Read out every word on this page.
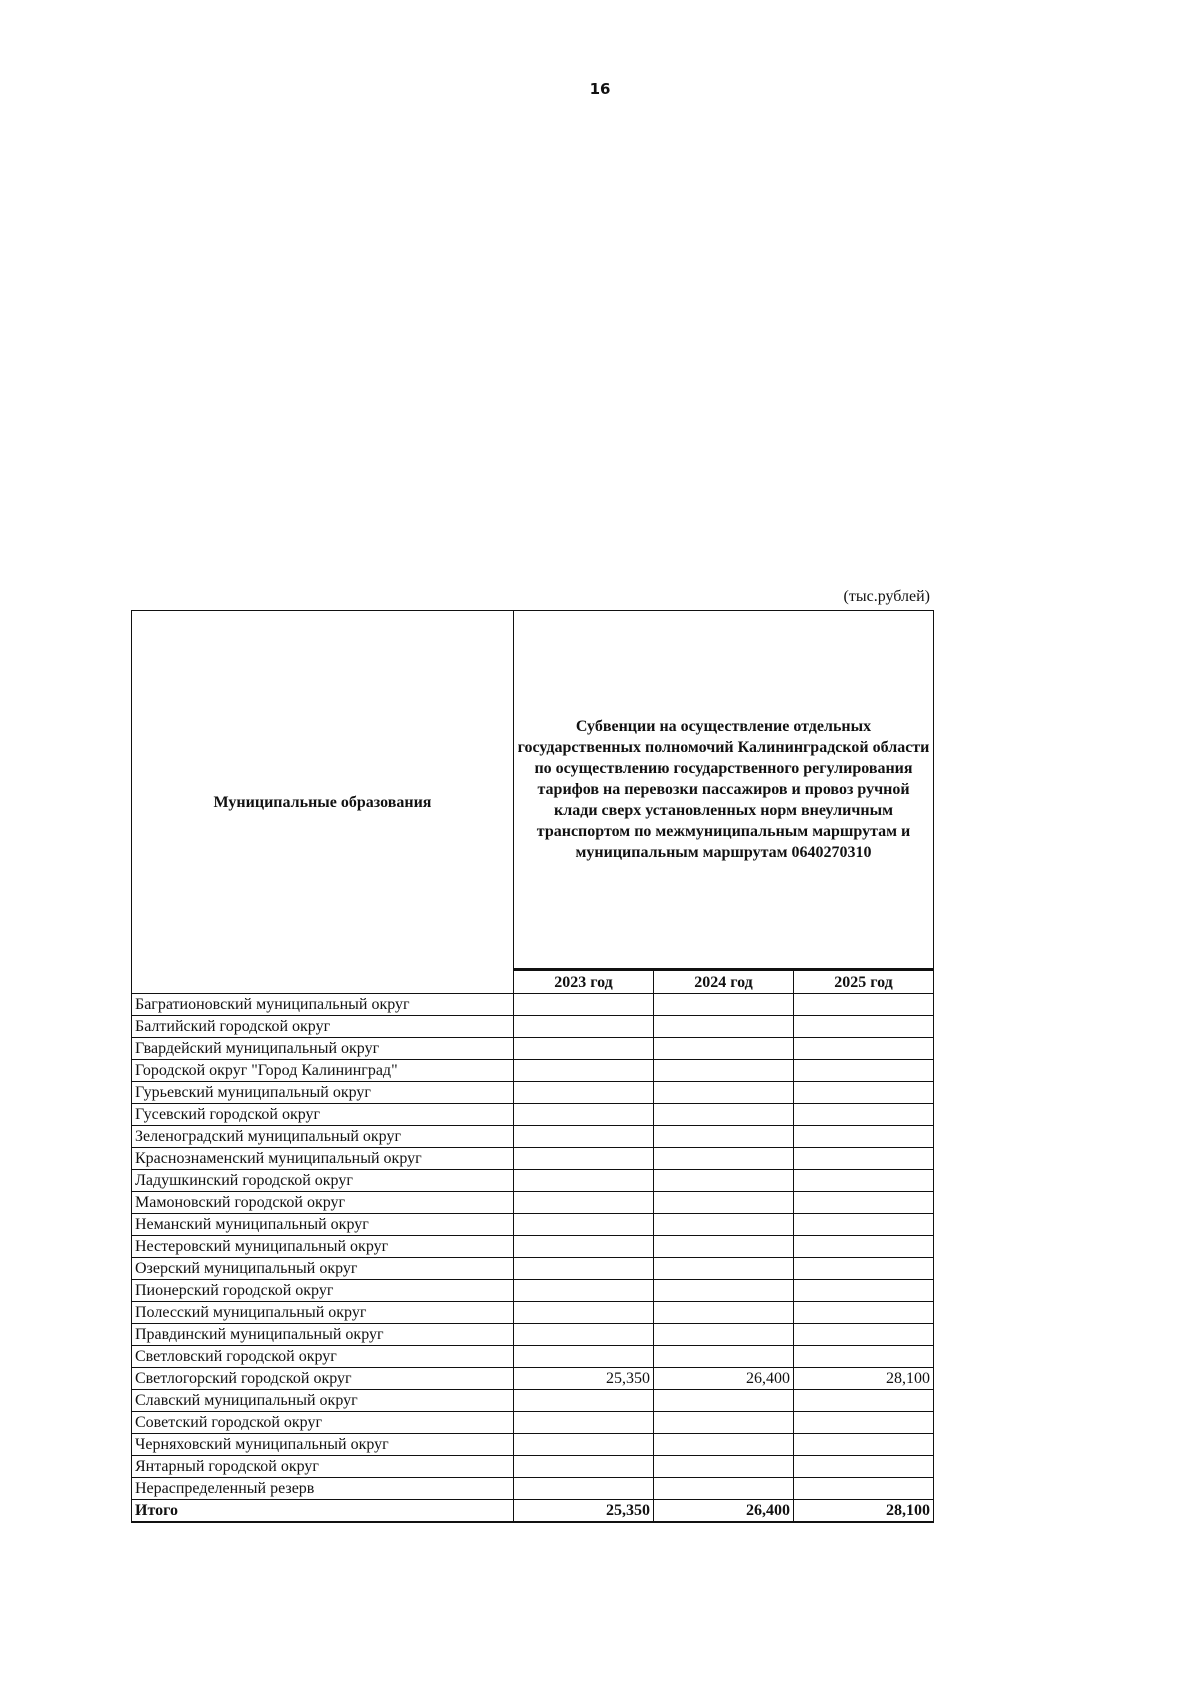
16
(тыс.рублей)
Муниципальные образования	Субвенции на осуществление отдельных государственных полномочий Калининградской области по осуществлению государственного регулирования тарифов на перевозки пассажиров и провоз ручной клади сверх установленных норм внеуличным транспортом по межмуниципальным маршрутам и муниципальным маршрутам 0640270310		
	2023 год	2024 год	2025 год
Багратионовский муниципальный округ			
Балтийский городской округ			
Гвардейский муниципальный округ			
Городской округ "Город Калининград"			
Гурьевский муниципальный округ			
Гусевский городской округ			
Зеленоградский муниципальный округ			
Краснознаменский муниципальный округ			
Ладушкинский городской округ			
Мамоновский городской округ			
Неманский муниципальный округ			
Нестеровский муниципальный округ			
Озерский муниципальный округ			
Пионерский городской округ			
Полесский муниципальный округ			
Правдинский муниципальный округ			
Светловский городской округ			
Светлогорский городской округ	25,350	26,400	28,100
Славский муниципальный округ			
Советский городской округ			
Черняховский муниципальный округ			
Янтарный городской округ			
Нераспределенный резерв			
Итого	25,350	26,400	28,100
